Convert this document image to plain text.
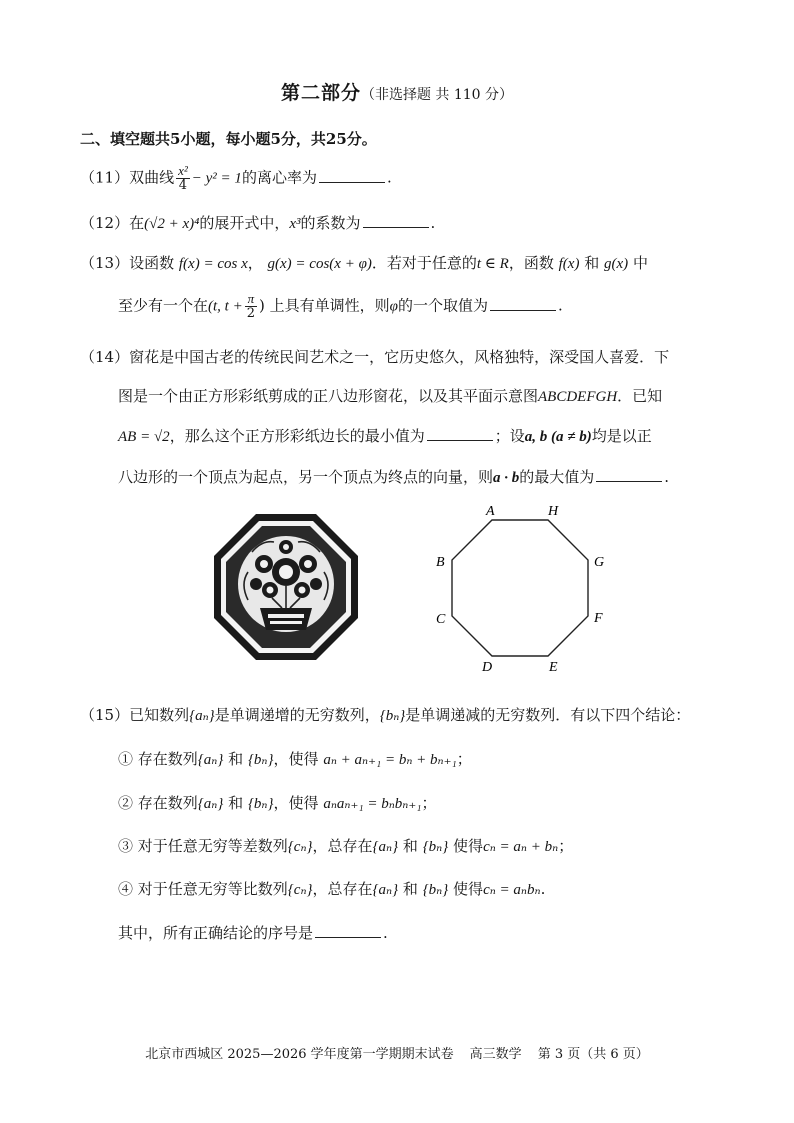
第二部分（非选择题 共 110 分）
二、填空题共5小题，每小题5分，共25分。
（11）双曲线 $\frac{\text{x²}}{4} - y^2 = 1$的离心率为	.
（12）在(√2 + x)⁴的展开式中，x³的系数为	.
（13）设函数 f(x) = cos x， g(x) = cos(x + φ)．若对于任意的t ∈ R，函数 f(x) 和 g(x) 中
至少有一个在(t, $t + \frac{\pi}{2}$ ) 上具有单调性，则φ的一个取值为	.
（14）窗花是中国古老的传统民间艺术之一，它历史悠久，风格独特，深受国人喜爱．下
图是一个由正方形彩纸剪成的正八边形窗花，以及其平面示意图ABCDEFGH．已知
AB = √2，那么这个正方形彩纸边长的最小值为	；设a, b (a ≠ b)均是以正
八边形的一个顶点为起点，另一个顶点为终点的向量，则a · b的最大值为	.
A	H
G
F
E
D
C
B
（15）已知数列{aₙ}是单调递增的无穷数列，{bₙ}是单调递减的无穷数列．有以下四个结论：
① 存在数列{aₙ} 和 {bₙ}，使得 aₙ + aₙ₊₁ = bₙ + bₙ₊₁；
② 存在数列{aₙ} 和 {bₙ}，使得 aₙaₙ₊₁ = bₙbₙ₊₁；
③ 对于任意无穷等差数列{cₙ}，总存在{aₙ} 和 {bₙ} 使得cₙ = aₙ + bₙ；
④ 对于任意无穷等比数列{cₙ}，总存在{aₙ} 和 {bₙ} 使得cₙ = aₙbₙ.
其中，所有正确结论的序号是	.
北京市西城区 2025—2026 学年度第一学期期末试卷 高三数学 第 3 页（共 6 页）
